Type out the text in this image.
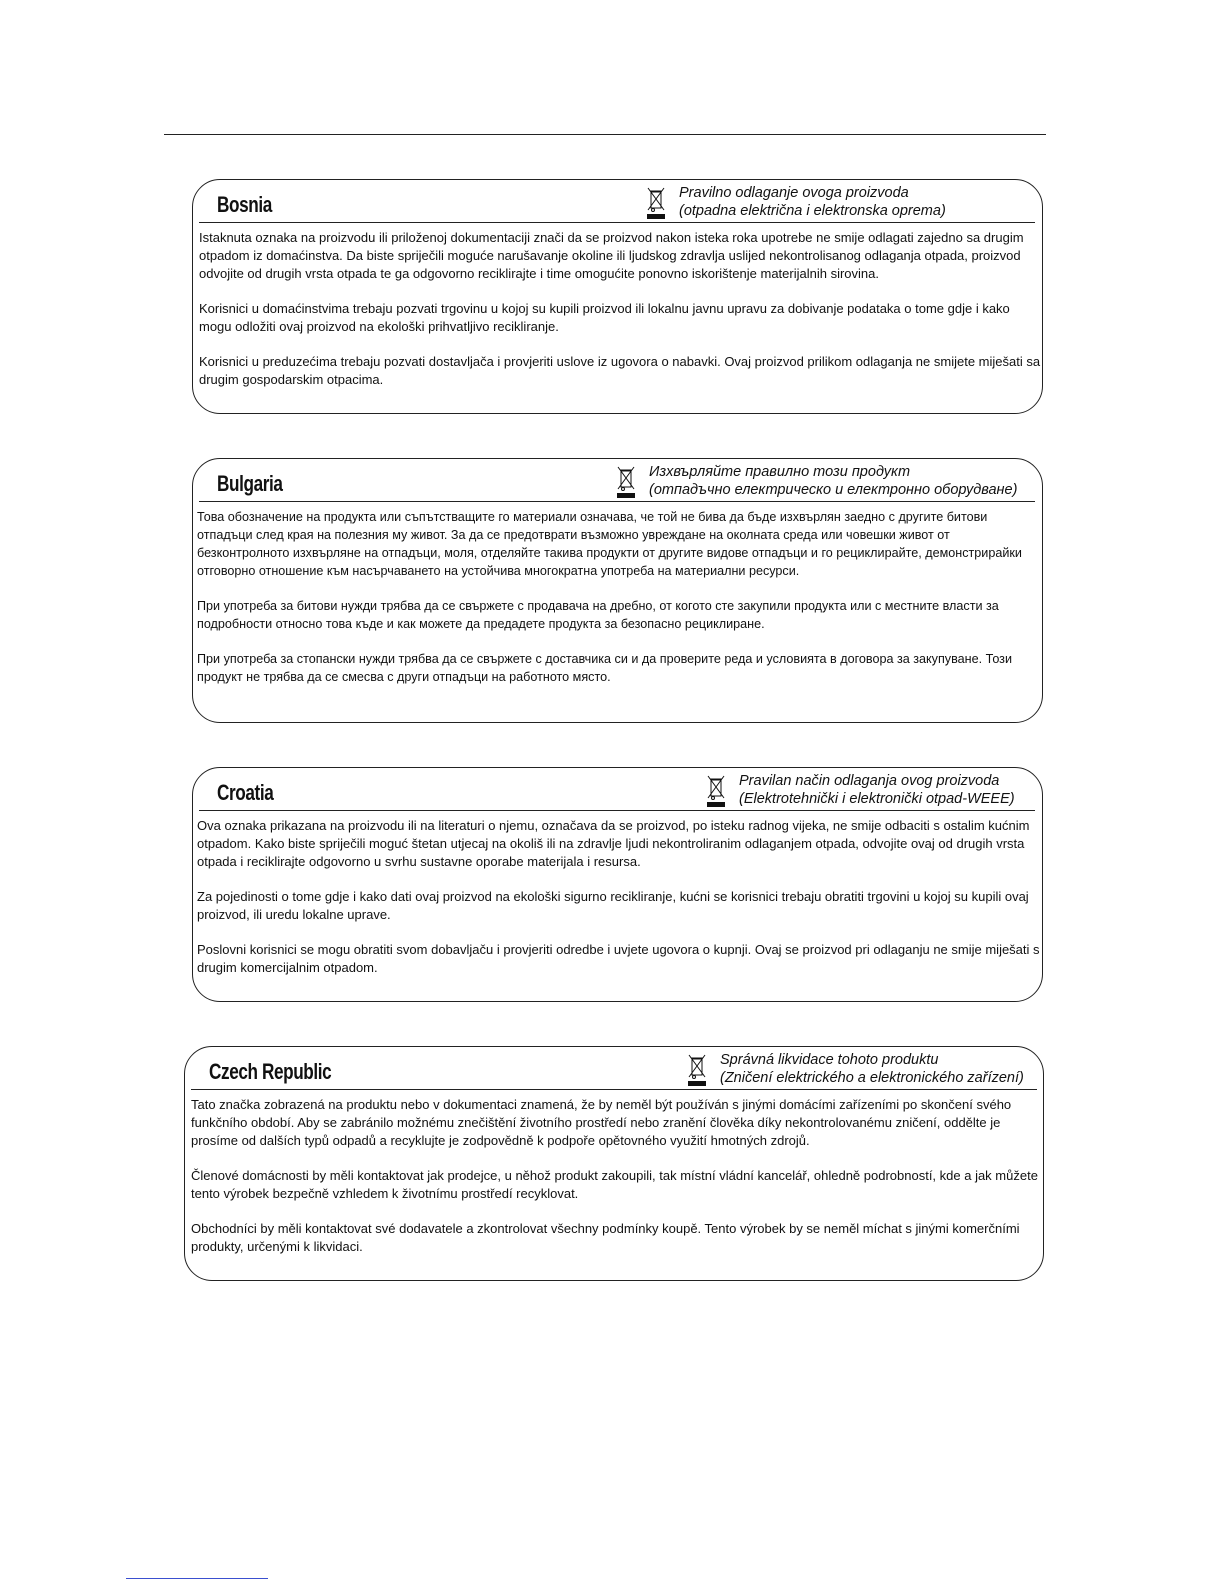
Bosnia	Pravilno odlaganje ovoga proizvoda
(otpadna električna i elektronska oprema)

Istaknuta oznaka na proizvodu ili priloženoj dokumentaciji znači da se proizvod nakon isteka roka upotrebe ne smije odlagati zajedno sa drugim otpadom iz domaćinstva. Da biste spriječili moguće narušavanje okoline ili ljudskog zdravlja uslijed nekontrolisanog odlaganja otpada, proizvod odvojite od drugih vrsta otpada te ga odgovorno reciklirajte i time omogućite ponovno iskorištenje materijalnih sirovina.

Korisnici u domaćinstvima trebaju pozvati trgovinu u kojoj su kupili proizvod ili lokalnu javnu upravu za dobivanje podataka o tome gdje i kako mogu odložiti ovaj proizvod na ekološki prihvatljivo recikliranje.

Korisnici u preduzećima trebaju pozvati dostavljača i provjeriti uslove iz ugovora o nabavki. Ovaj proizvod prilikom odlaganja ne smijete miješati sa drugim gospodarskim otpacima.

Bulgaria	Изхвърляйте правилно този продукт
(отпадъчно електрическо и електронно оборудване)

Това обозначение на продукта или съпътстващите го материали означава, че той не бива да бъде изхвърлян заедно с другите битови отпадъци след края на полезния му живот. За да се предотврати възможно увреждане на околната среда или човешки живот от безконтролното изхвърляне на отпадъци, моля, отделяйте такива продукти от другите видове отпадъци и го рециклирайте, демонстрирайки отговорно отношение към насърчаването на устойчива многократна употреба на материални ресурси.

При употреба за битови нужди трябва да се свържете с продавача на дребно, от когото сте закупили продукта или с местните власти за подробности относно това къде и как можете да предадете продукта за безопасно рециклиране.

При употреба за стопански нужди трябва да се свържете с доставчика си и да проверите реда и условията в договора за закупуване. Този продукт не трябва да се смесва с други отпадъци на работното място.

Croatia	Pravilan način odlaganja ovog proizvoda
(Elektrotehnički i elektronički otpad-WEEE)

Ova oznaka prikazana na proizvodu ili na literaturi o njemu, označava da se proizvod, po isteku radnog vijeka, ne smije odbaciti s ostalim kućnim otpadom. Kako biste spriječili moguć štetan utjecaj na okoliš ili na zdravlje ljudi nekontroliranim odlaganjem otpada, odvojite ovaj od drugih vrsta otpada i reciklirajte odgovorno u svrhu sustavne oporabe materijala i resursa.

Za pojedinosti o tome gdje i kako dati ovaj proizvod na ekološki sigurno recikliranje, kućni se korisnici trebaju obratiti trgovini u kojoj su kupili ovaj proizvod, ili uredu lokalne uprave.

Poslovni korisnici se mogu obratiti svom dobavljaču i provjeriti odredbe i uvjete ugovora o kupnji. Ovaj se proizvod pri odlaganju ne smije miješati s drugim komercijalnim otpadom.

Czech Republic	Správná likvidace tohoto produktu
(Zničení elektrického a elektronického zařízení)

Tato značka zobrazená na produktu nebo v dokumentaci znamená, že by neměl být používán s jinými domácími zařízeními po skončení svého funkčního období. Aby se zabránilo možnému znečištění životního prostředí nebo zranění člověka díky nekontrolovanému zničení, oddělte je prosíme od dalších typů odpadů a recyklujte je zodpovědně k podpoře opětovného využití hmotných zdrojů.

Členové domácnosti by měli kontaktovat jak prodejce, u něhož produkt zakoupili, tak místní vládní kancelář, ohledně podrobností, kde a jak můžete tento výrobek bezpečně vzhledem k životnímu prostředí recyklovat.

Obchodníci by měli kontaktovat své dodavatele a zkontrolovat všechny podmínky koupě. Tento výrobek by se neměl míchat s jinými komerčními produkty, určenými k likvidaci.
